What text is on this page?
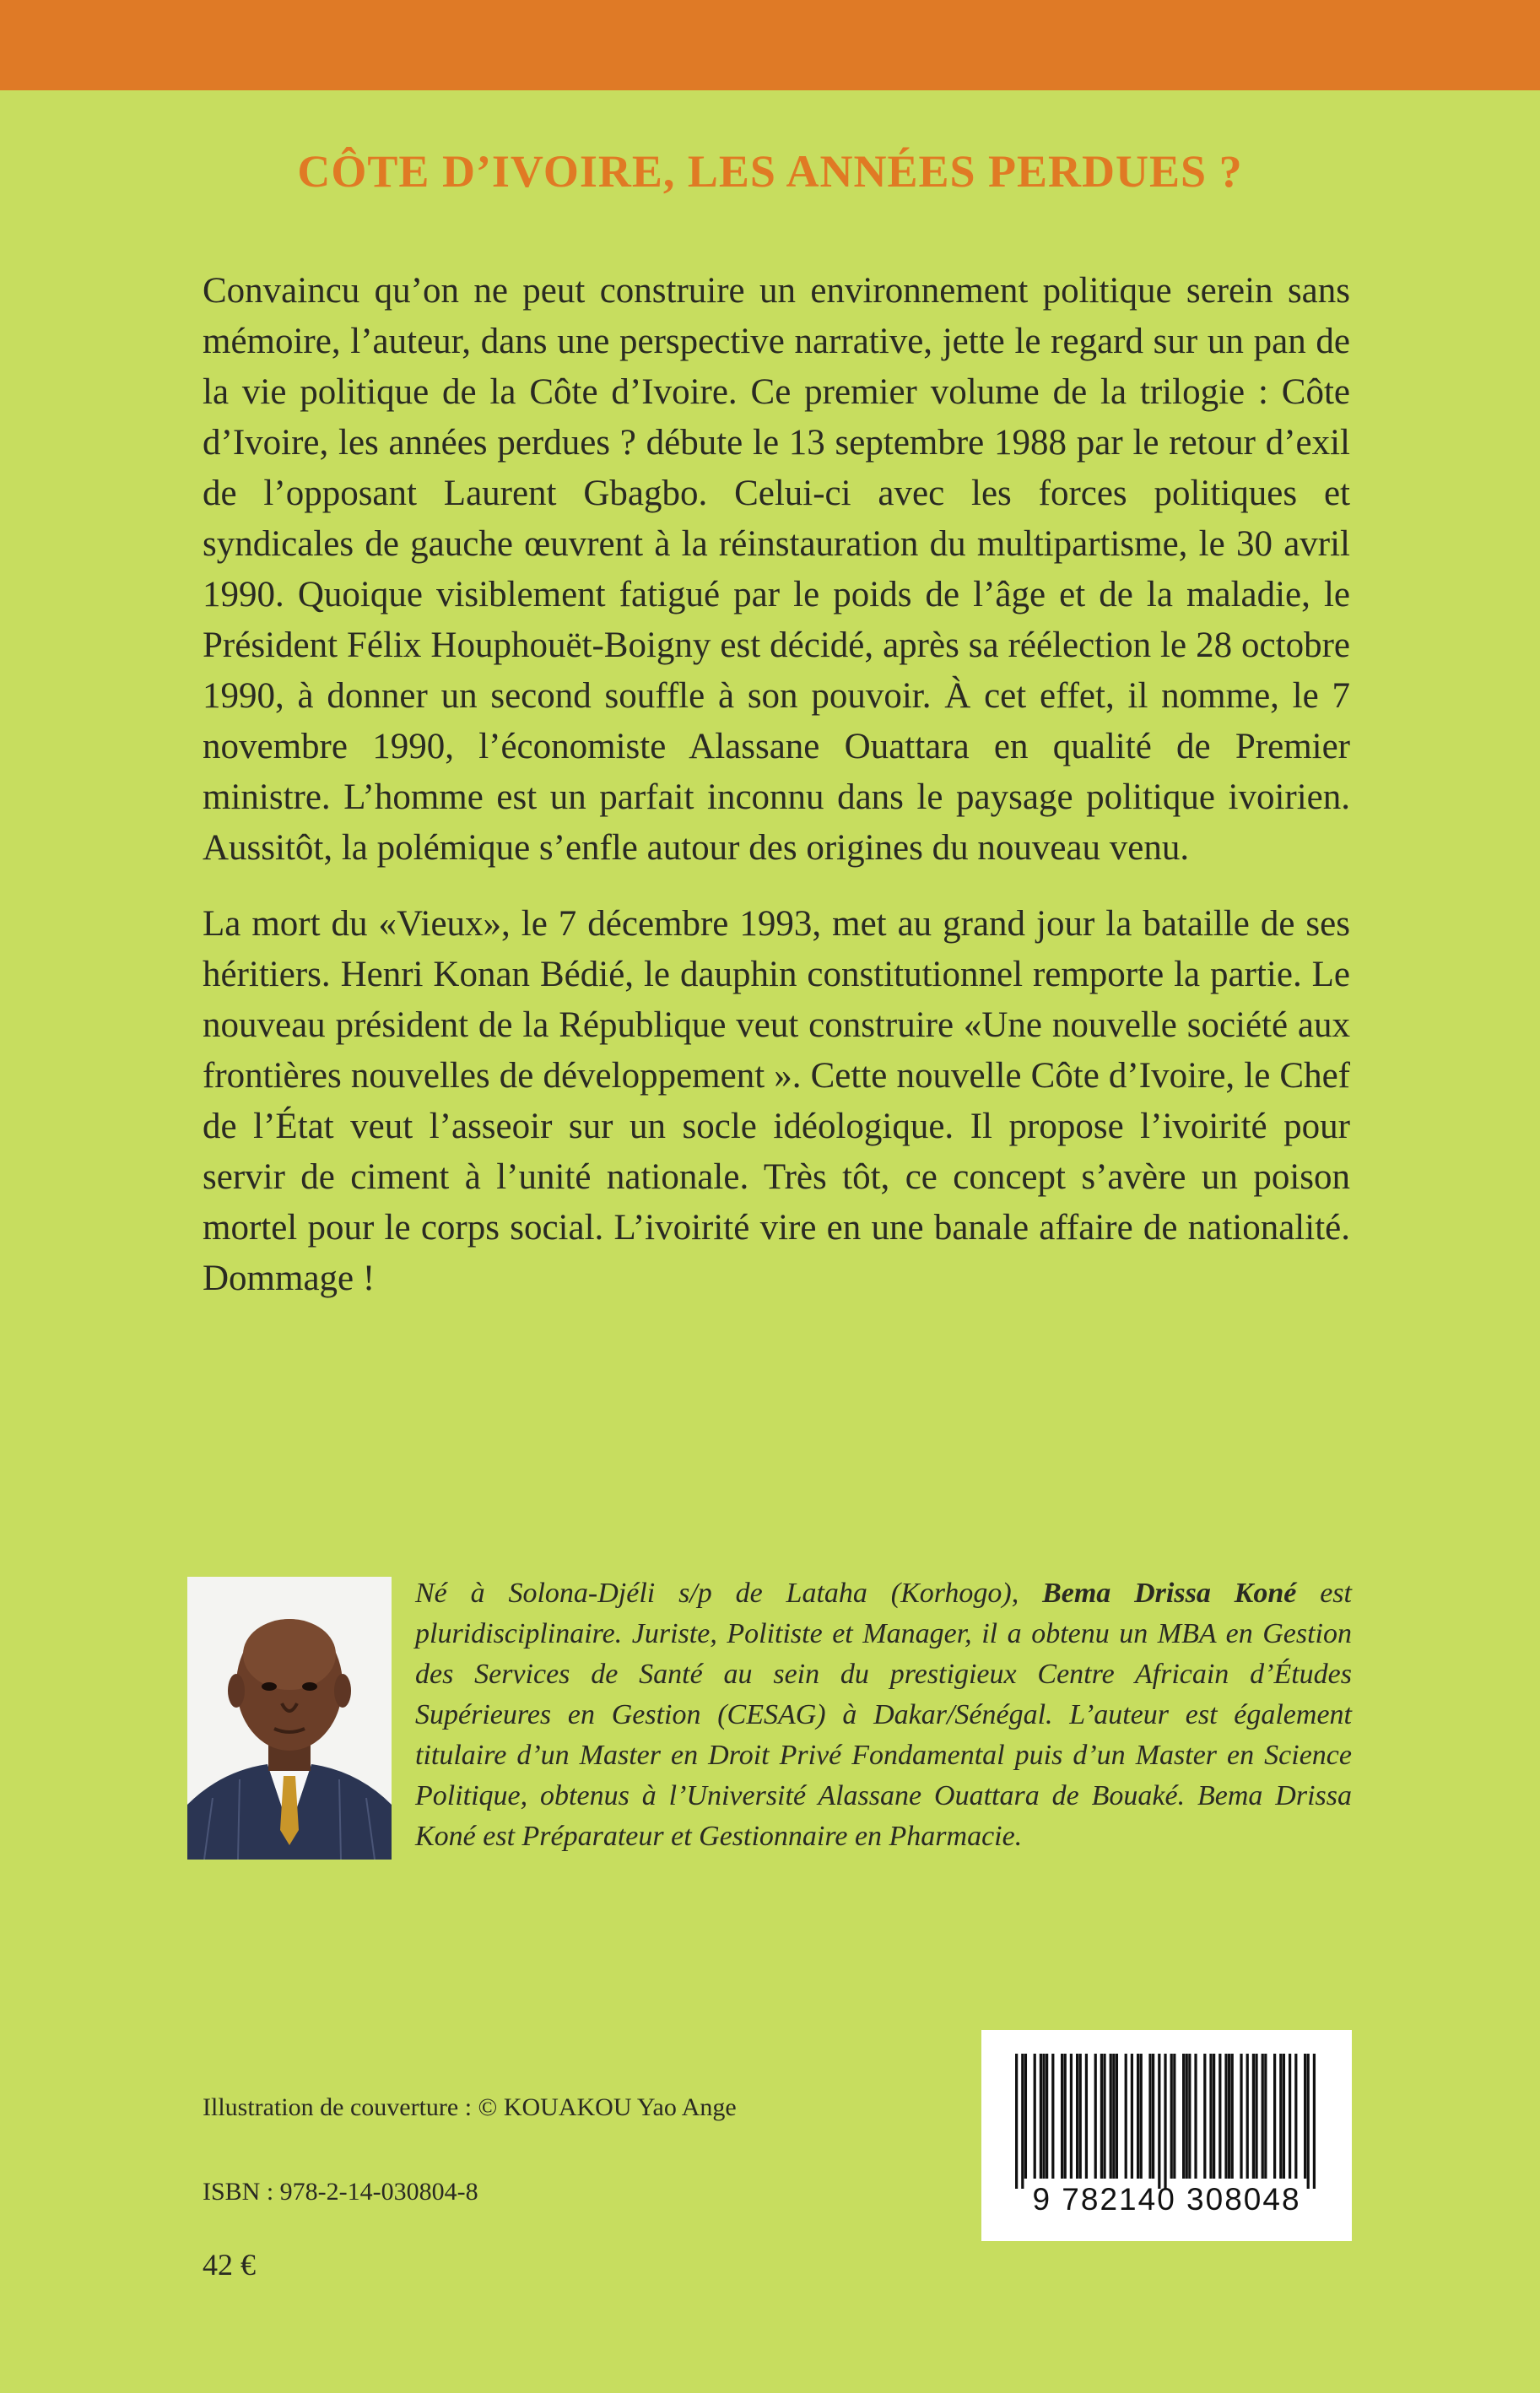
CÔTE D’IVOIRE, LES ANNÉES PERDUES ?

Convaincu qu’on ne peut construire un environnement politique serein sans mémoire, l’auteur, dans une perspective narrative, jette le regard sur un pan de la vie politique de la Côte d’Ivoire. Ce premier volume de la trilogie : Côte d’Ivoire, les années perdues ? débute le 13 septembre 1988 par le retour d’exil de l’opposant Laurent Gbagbo. Celui-ci avec les forces politiques et syndicales de gauche œuvrent à la réinstauration du multipartisme, le 30 avril 1990. Quoique visiblement fatigué par le poids de l’âge et de la maladie, le Président Félix Houphouët-Boigny est décidé, après sa réélection le 28 octobre 1990, à donner un second souffle à son pouvoir. À cet effet, il nomme, le 7 novembre 1990, l’économiste Alassane Ouattara en qualité de Premier ministre. L’homme est un parfait inconnu dans le paysage politique ivoirien. Aussitôt, la polémique s’enfle autour des origines du nouveau venu.

La mort du «Vieux», le 7 décembre 1993, met au grand jour la bataille de ses héritiers. Henri Konan Bédié, le dauphin constitutionnel remporte la partie. Le nouveau président de la République veut construire «Une nouvelle société aux frontières nouvelles de développement ». Cette nouvelle Côte d’Ivoire, le Chef de l’État veut l’asseoir sur un socle idéologique. Il propose l’ivoirité pour servir de ciment à l’unité nationale. Très tôt, ce concept s’avère un poison mortel pour le corps social. L’ivoirité vire en une banale affaire de nationalité. Dommage !

Né à Solona-Djéli s/p de Lataha (Korhogo), Bema Drissa Koné est pluridisciplinaire. Juriste, Politiste et Manager, il a obtenu un MBA en Gestion des Services de Santé au sein du prestigieux Centre Africain d’Études Supérieures en Gestion (CESAG) à Dakar/Sénégal. L’auteur est également titulaire d’un Master en Droit Privé Fondamental puis d’un Master en Science Politique, obtenus à l’Université Alassane Ouattara de Bouaké. Bema Drissa Koné est Préparateur et Gestionnaire en Pharmacie.

Illustration de couverture : © KOUAKOU Yao Ange
ISBN : 978-2-14-030804-8
42 €
9 782140 308048
